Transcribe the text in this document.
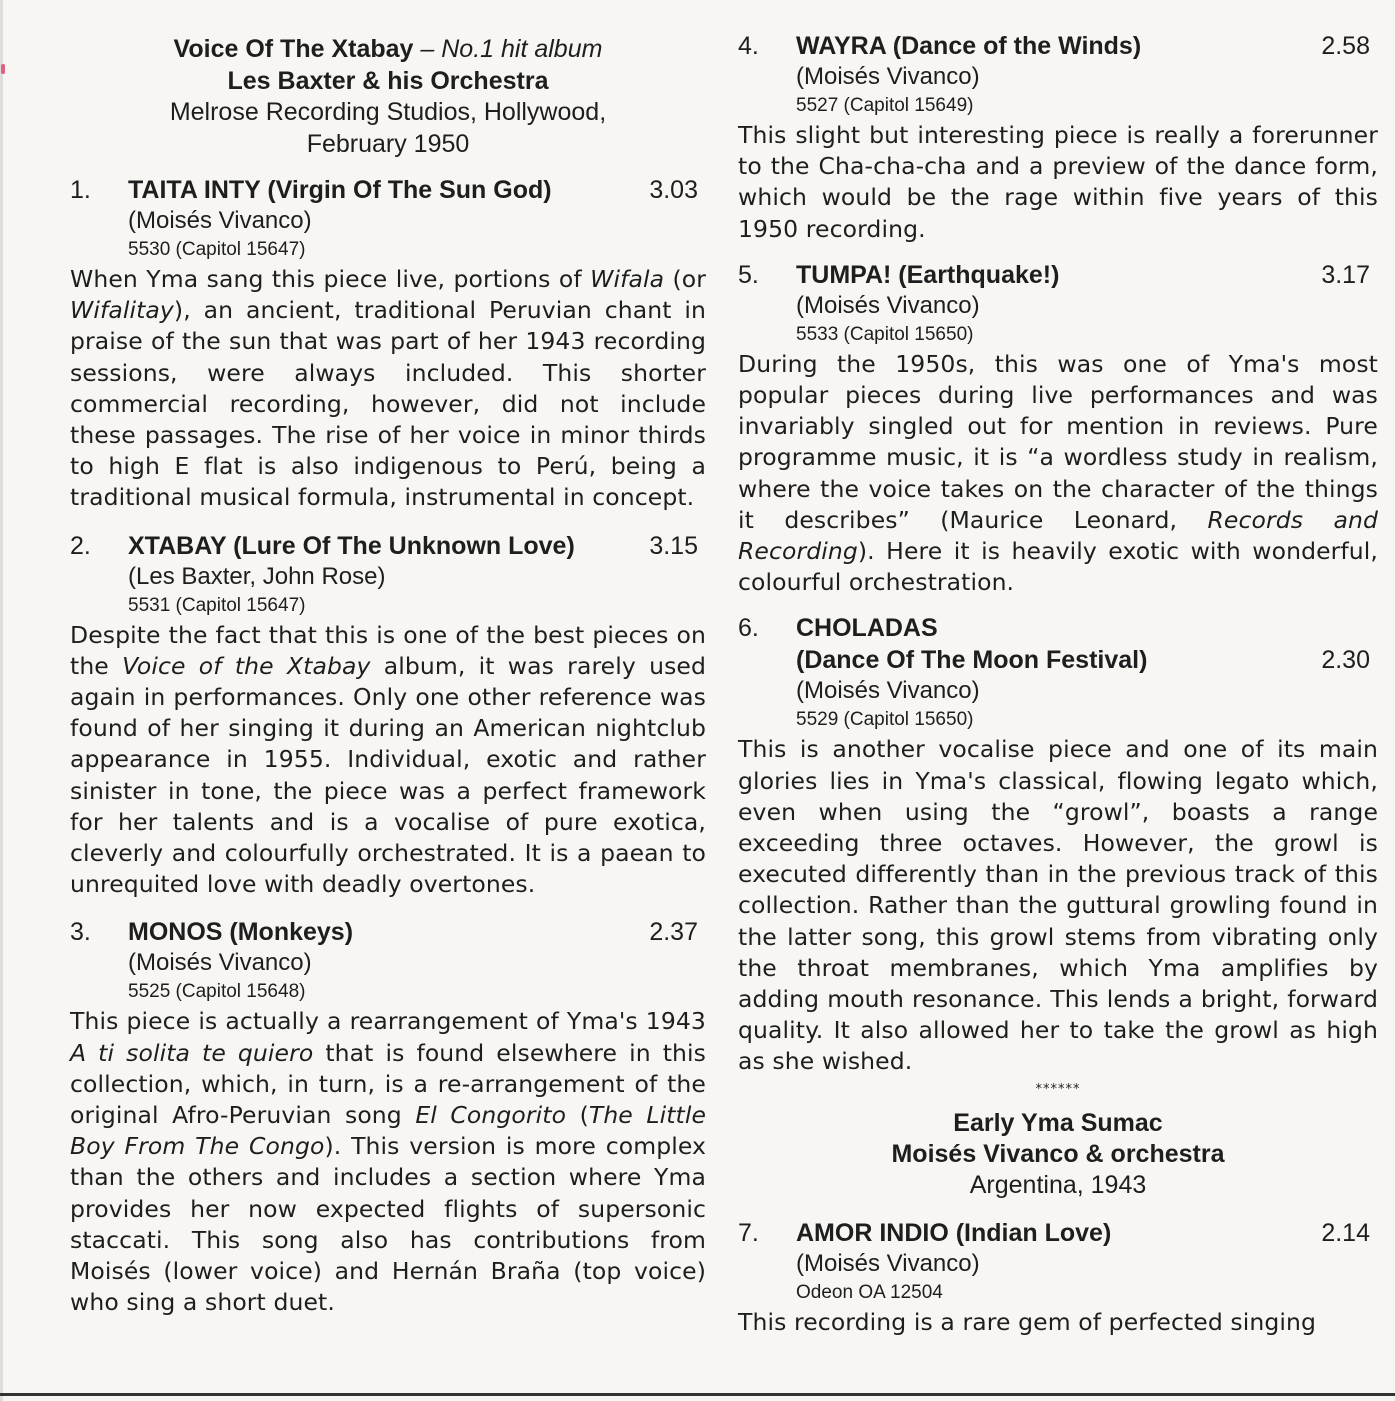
Voice Of The Xtabay – No.1 hit album
Les Baxter & his Orchestra
Melrose Recording Studios, Hollywood,
February 1950
1. TAITA INTY (Virgin Of The Sun God)	3.03
(Moisés Vivanco)
5530 (Capitol 15647)

When Yma sang this piece live, portions of Wifala (or Wifalitay), an ancient, traditional Peruvian chant in praise of the sun that was part of her 1943 recording sessions, were always included. This shorter commercial recording, however, did not include these passages. The rise of her voice in minor thirds to high E flat is also indigenous to Perú, being a traditional musical formula, instrumental in concept.

2. XTABAY (Lure Of The Unknown Love)	3.15
(Les Baxter, John Rose)
5531 (Capitol 15647)

Despite the fact that this is one of the best pieces on the Voice of the Xtabay album, it was rarely used again in performances. Only one other reference was found of her singing it during an American nightclub appearance in 1955. Individual, exotic and rather sinister in tone, the piece was a perfect framework for her talents and is a vocalise of pure exotica, cleverly and colourfully orchestrated. It is a paean to unrequited love with deadly overtones.

3. MONOS (Monkeys)	2.37
(Moisés Vivanco)
5525 (Capitol 15648)

This piece is actually a rearrangement of Yma's 1943 A ti solita te quiero that is found elsewhere in this collection, which, in turn, is a re-arrangement of the original Afro-Peruvian song El Congorito (The Little Boy From The Congo). This version is more complex than the others and includes a section where Yma provides her now expected flights of supersonic staccati. This song also has contributions from Moisés (lower voice) and Hernán Braña (top voice) who sing a short duet.

4. WAYRA (Dance of the Winds)	2.58
(Moisés Vivanco)
5527 (Capitol 15649)

This slight but interesting piece is really a forerunner to the Cha-cha-cha and a preview of the dance form, which would be the rage within five years of this 1950 recording.

5. TUMPA! (Earthquake!)	3.17
(Moisés Vivanco)
5533 (Capitol 15650)

During the 1950s, this was one of Yma's most popular pieces during live performances and was invariably singled out for mention in reviews. Pure programme music, it is “a wordless study in realism, where the voice takes on the character of the things it describes” (Maurice Leonard, Records and Recording). Here it is heavily exotic with wonderful, colourful orchestration.

6. CHOLADAS
(Dance Of The Moon Festival)	2.30
(Moisés Vivanco)
5529 (Capitol 15650)

This is another vocalise piece and one of its main glories lies in Yma's classical, flowing legato which, even when using the “growl”, boasts a range exceeding three octaves. However, the growl is executed differently than in the previous track of this collection. Rather than the guttural growling found in the latter song, this growl stems from vibrating only the throat membranes, which Yma amplifies by adding mouth resonance. This lends a bright, forward quality. It also allowed her to take the growl as high as she wished.

******
Early Yma Sumac
Moisés Vivanco & orchestra
Argentina, 1943
7. AMOR INDIO (Indian Love)	2.14
(Moisés Vivanco)
Odeon OA 12504

This recording is a rare gem of perfected singing
